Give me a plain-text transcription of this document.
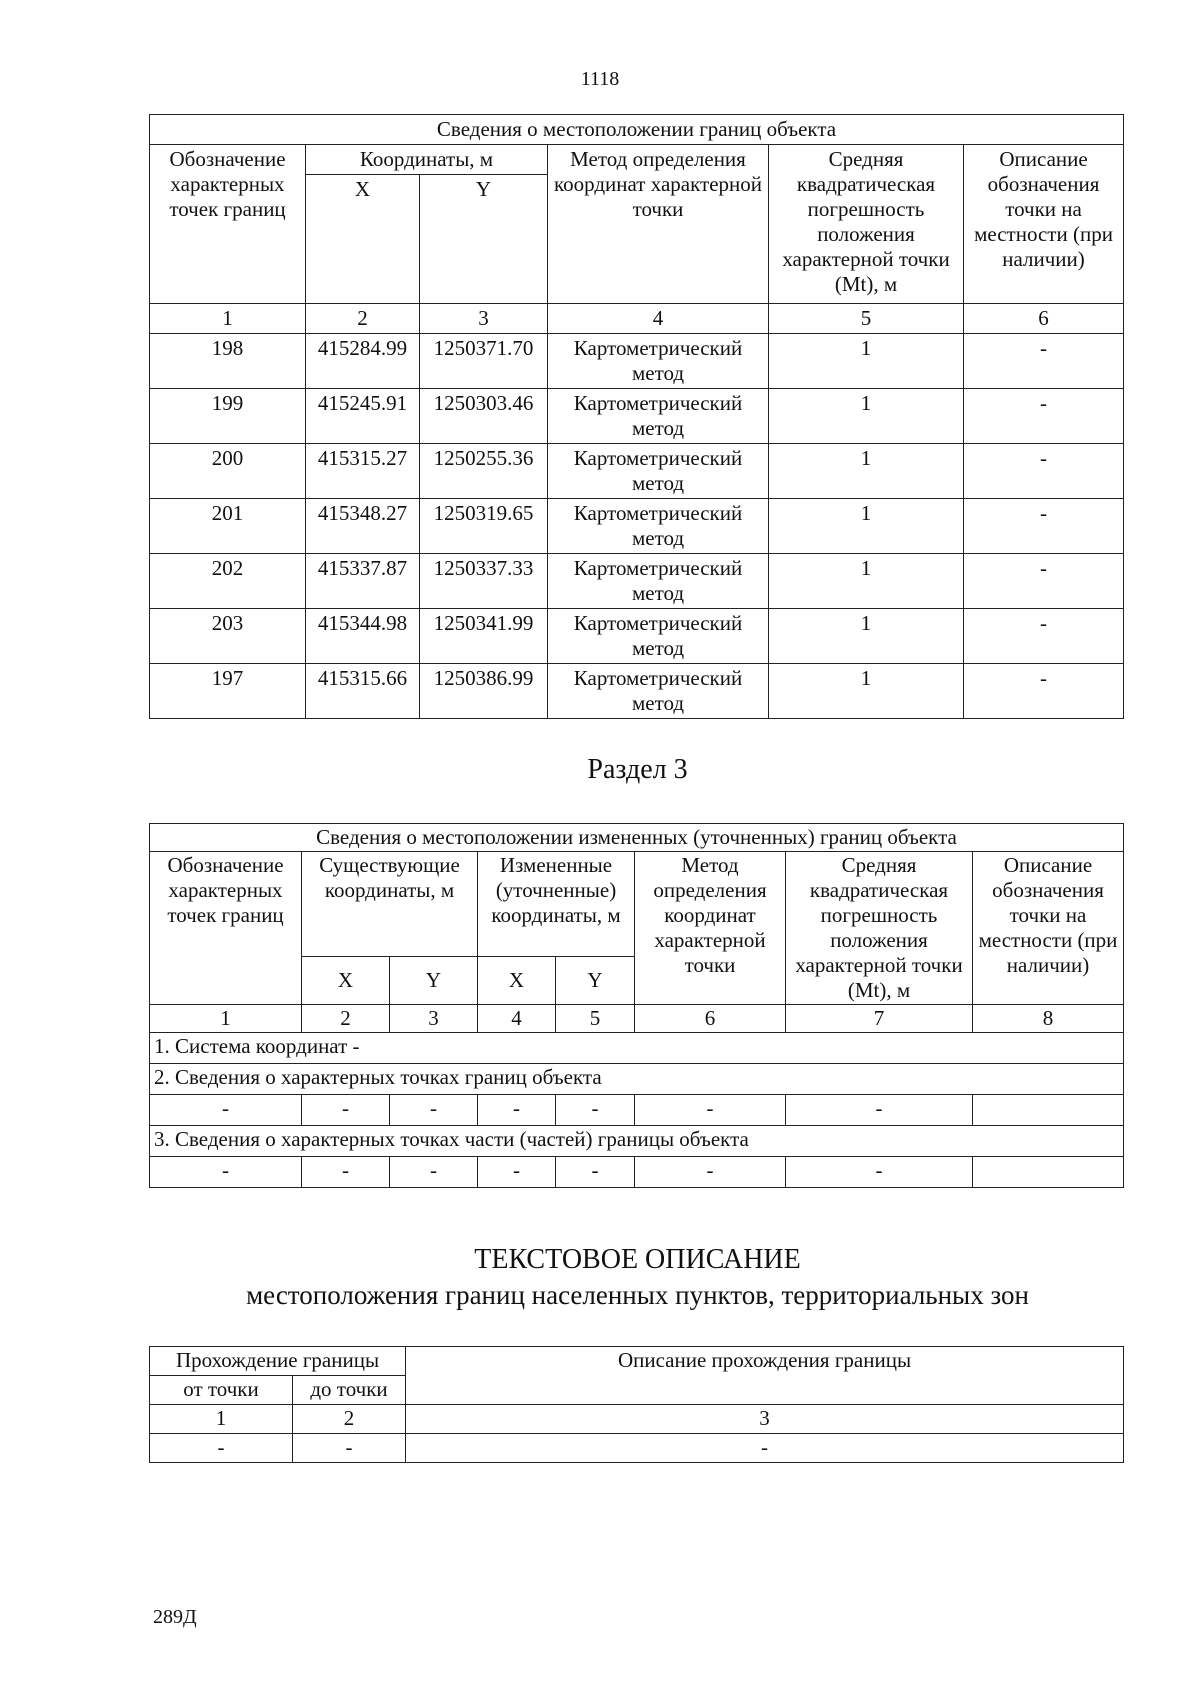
1118
Сведения о местоположении границ объекта					
Обозначение характерных точек границ	Координаты, м		Метод определения координат характерной точки	Средняя квадратическая погрешность положения характерной точки (Mt), м	Описание обозначения точки на местности (при наличии)
	X	Y			
1	2	3	4	5	6
198	415284.99	1250371.70	Картометрический метод	1	-
199	415245.91	1250303.46	Картометрический метод	1	-
200	415315.27	1250255.36	Картометрический метод	1	-
201	415348.27	1250319.65	Картометрический метод	1	-
202	415337.87	1250337.33	Картометрический метод	1	-
203	415344.98	1250341.99	Картометрический метод	1	-
197	415315.66	1250386.99	Картометрический метод	1	-
Раздел 3
Сведения о местоположении измененных (уточненных) границ объекта							
Обозначение характерных точек границ	Существующие координаты, м		Измененные (уточненные) координаты, м		Метод определения координат характерной точки	Средняя квадратическая погрешность положения характерной точки (Mt), м	Описание обозначения точки на местности (при наличии)
	X	Y	X	Y			
1	2	3	4	5	6	7	8
1. Система координат -							
2. Сведения о характерных точках границ объекта							
-	-	-	-	-	-	-	
3. Сведения о характерных точках части (частей) границы объекта							
-	-	-	-	-	-	-	
ТЕКСТОВОЕ ОПИСАНИЕ
местоположения границ населенных пунктов, территориальных зон
Прохождение границы		Описание прохождения границы
от точки	до точки	
1	2	3
-	-	-
289Д
